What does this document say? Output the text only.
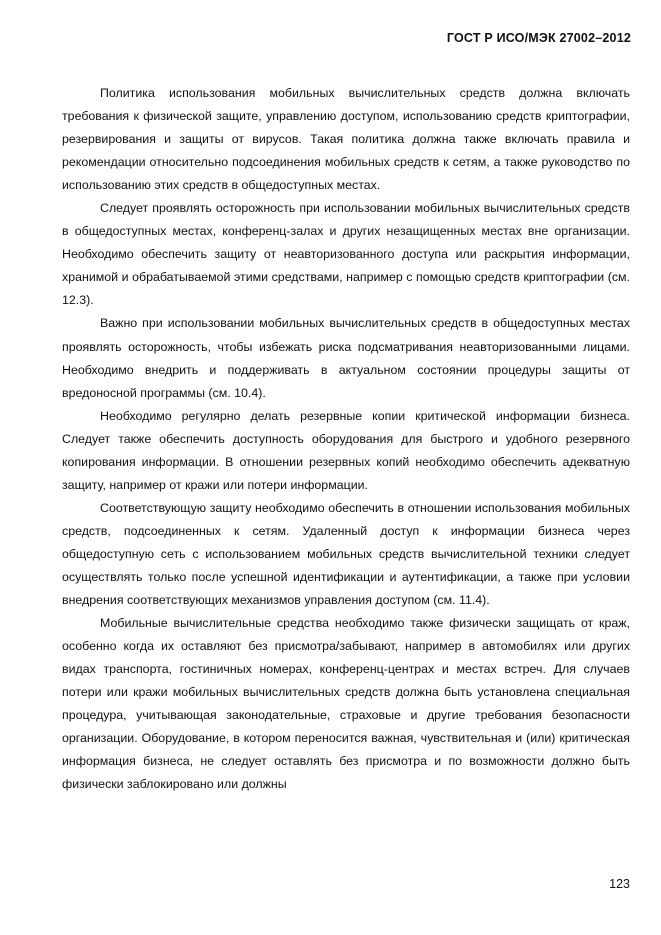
ГОСТ Р ИСО/МЭК 27002–2012

Политика использования мобильных вычислительных средств должна включать требования к физической защите, управлению доступом, использованию средств криптографии, резервирования и защиты от вирусов. Такая политика должна также включать правила и рекомендации относительно подсоединения мобильных средств к сетям, а также руководство по использованию этих средств в общедоступных местах.

Следует проявлять осторожность при использовании мобильных вычислительных средств в общедоступных местах, конференц-залах и других незащищенных местах вне организации. Необходимо обеспечить защиту от неавторизованного доступа или раскрытия информации, хранимой и обрабатываемой этими средствами, например с помощью средств криптографии (см. 12.3).

Важно при использовании мобильных вычислительных средств в общедоступных местах проявлять осторожность, чтобы избежать риска подсматривания неавторизованными лицами. Необходимо внедрить и поддерживать в актуальном состоянии процедуры защиты от вредоносной программы (см. 10.4).

Необходимо регулярно делать резервные копии критической информации бизнеса. Следует также обеспечить доступность оборудования для быстрого и удобного резервного копирования информации. В отношении резервных копий необходимо обеспечить адекватную защиту, например от кражи или потери информации.

Соответствующую защиту необходимо обеспечить в отношении использования мобильных средств, подсоединенных к сетям. Удаленный доступ к информации бизнеса через общедоступную сеть с использованием мобильных средств вычислительной техники следует осуществлять только после успешной идентификации и аутентификации, а также при условии внедрения соответствующих механизмов управления доступом (см. 11.4).

Мобильные вычислительные средства необходимо также физически защищать от краж, особенно когда их оставляют без присмотра/забывают, например в автомобилях или других видах транспорта, гостиничных номерах, конференц-центрах и местах встреч. Для случаев потери или кражи мобильных вычислительных средств должна быть установлена специальная процедура, учитывающая законодательные, страховые и другие требования безопасности организации. Оборудование, в котором переносится важная, чувствительная и (или) критическая информация бизнеса, не следует оставлять без присмотра и по возможности должно быть физически заблокировано или должны

123
